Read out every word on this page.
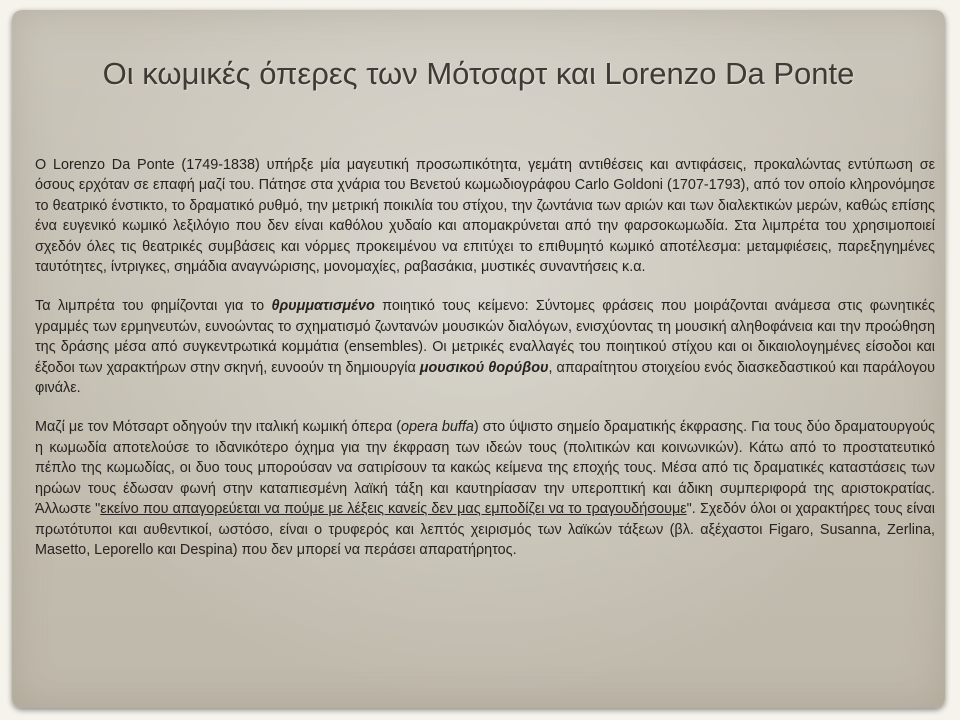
Οι κωμικές όπερες των Μότσαρτ και Lorenzo Da Ponte

Ο Lorenzo Da Ponte (1749-1838) υπήρξε μία μαγευτική προσωπικότητα, γεμάτη αντιθέσεις και αντιφάσεις, προκαλώντας εντύπωση σε όσους ερχόταν σε επαφή μαζί του. Πάτησε στα χνάρια του Βενετού κωμωδιογράφου Carlo Goldoni (1707-1793), από τον οποίο κληρονόμησε το θεατρικό ένστικτο, το δραματικό ρυθμό, την μετρική ποικιλία του στίχου, την ζωντάνια των αριών και των διαλεκτικών μερών, καθώς επίσης ένα ευγενικό κωμικό λεξιλόγιο που δεν είναι καθόλου χυδαίο και απομακρύνεται από την φαρσοκωμωδία. Στα λιμπρέτα του χρησιμοποιεί σχεδόν όλες τις θεατρικές συμβάσεις και νόρμες προκειμένου να επιτύχει το επιθυμητό κωμικό αποτέλεσμα: μεταμφιέσεις, παρεξηγημένες ταυτότητες, ίντριγκες, σημάδια αναγνώρισης, μονομαχίες, ραβασάκια, μυστικές συναντήσεις κ.α.

Τα λιμπρέτα του φημίζονται για το θρυμματισμένο ποιητικό τους κείμενο: Σύντομες φράσεις που μοιράζονται ανάμεσα στις φωνητικές γραμμές των ερμηνευτών, ευνοώντας το σχηματισμό ζωντανών μουσικών διαλόγων, ενισχύοντας τη μουσική αληθοφάνεια και την προώθηση της δράσης μέσα από συγκεντρωτικά κομμάτια (ensembles). Οι μετρικές εναλλαγές του ποιητικού στίχου και οι δικαιολογημένες είσοδοι και έξοδοι των χαρακτήρων στην σκηνή, ευνοούν τη δημιουργία μουσικού θορύβου, απαραίτητου στοιχείου ενός διασκεδαστικού και παράλογου φινάλε.

Μαζί με τον Μότσαρτ οδηγούν την ιταλική κωμική όπερα (opera buffa) στο ύψιστο σημείο δραματικής έκφρασης. Για τους δύο δραματουργούς η κωμωδία αποτελούσε το ιδανικότερο όχημα για την έκφραση των ιδεών τους (πολιτικών και κοινωνικών). Κάτω από το προστατευτικό πέπλο της κωμωδίας, οι δυο τους μπορούσαν να σατιρίσουν τα κακώς κείμενα της εποχής τους. Μέσα από τις δραματικές καταστάσεις των ηρώων τους έδωσαν φωνή στην καταπιεσμένη λαϊκή τάξη και καυτηρίασαν την υπεροπτική και άδικη συμπεριφορά της αριστοκρατίας. Άλλωστε "εκείνο που απαγορεύεται να πούμε με λέξεις κανείς δεν μας εμποδίζει να το τραγουδήσουμε". Σχεδόν όλοι οι χαρακτήρες τους είναι πρωτότυποι και αυθεντικοί, ωστόσο, είναι ο τρυφερός και λεπτός χειρισμός των λαϊκών τάξεων (βλ. αξέχαστοι Figaro, Susanna, Zerlina, Masetto, Leporello και Despina) που δεν μπορεί να περάσει απαρατήρητος.
